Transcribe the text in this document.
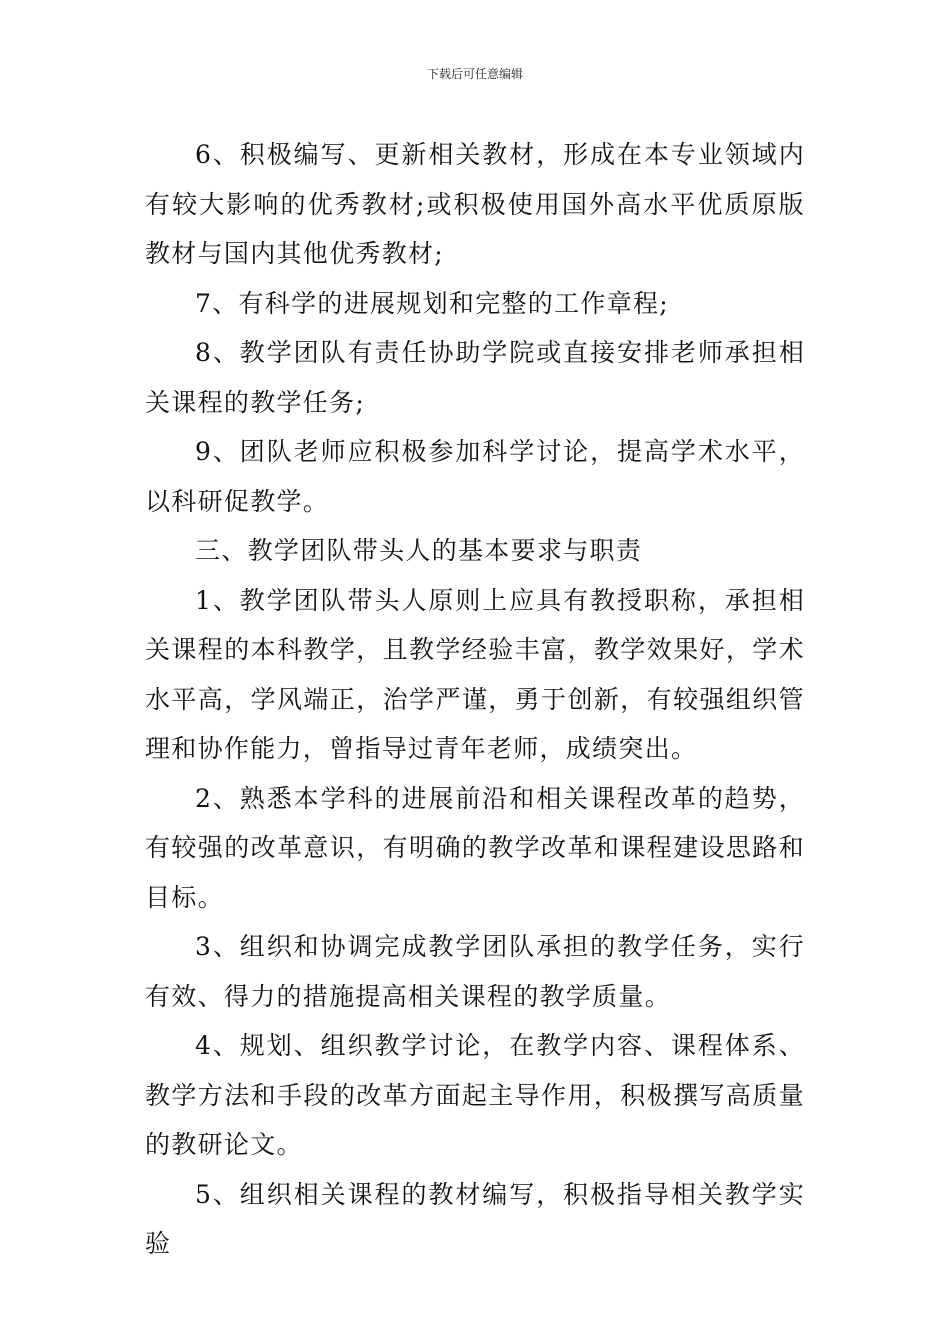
下载后可任意编辑

6、积极编写、更新相关教材，形成在本专业领域内有较大影响的优秀教材;或积极使用国外高水平优质原版教材与国内其他优秀教材;

7、有科学的进展规划和完整的工作章程;

8、教学团队有责任协助学院或直接安排老师承担相关课程的教学任务;

9、团队老师应积极参加科学讨论，提高学术水平，以科研促教学。

三、教学团队带头人的基本要求与职责

1、教学团队带头人原则上应具有教授职称，承担相关课程的本科教学，且教学经验丰富，教学效果好，学术水平高，学风端正，治学严谨，勇于创新，有较强组织管理和协作能力，曾指导过青年老师，成绩突出。

2、熟悉本学科的进展前沿和相关课程改革的趋势，有较强的改革意识，有明确的教学改革和课程建设思路和目标。

3、组织和协调完成教学团队承担的教学任务，实行有效、得力的措施提高相关课程的教学质量。

4、规划、组织教学讨论，在教学内容、课程体系、教学方法和手段的改革方面起主导作用，积极撰写高质量的教研论文。

5、组织相关课程的教材编写，积极指导相关教学实验
